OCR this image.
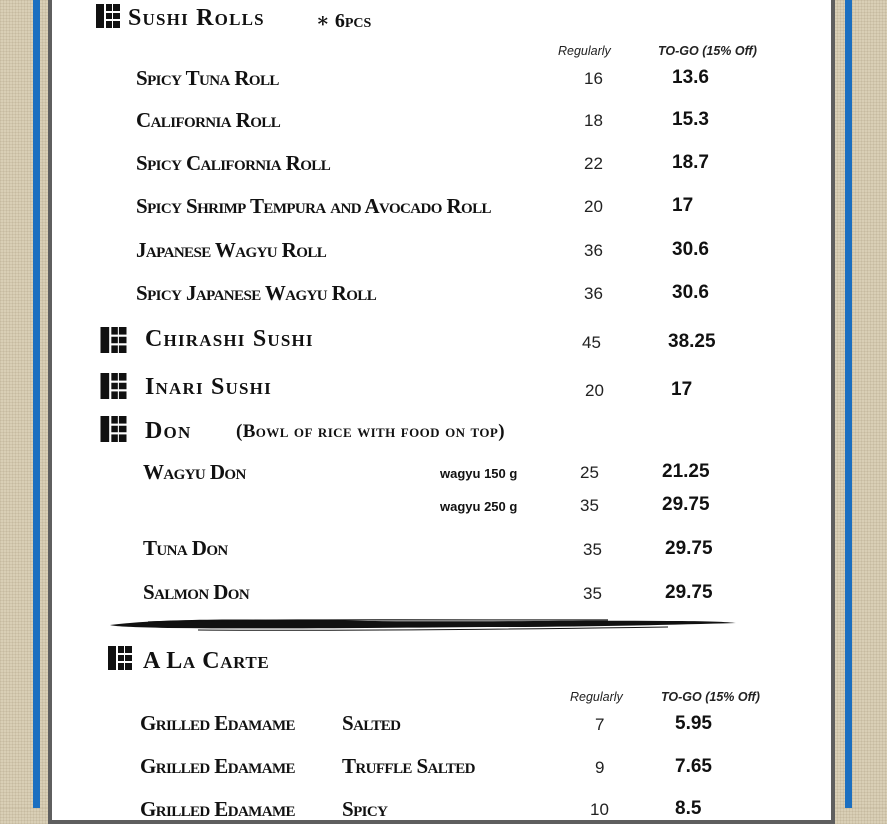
Sushi Rolls	∗ 6pcs
Regularly	TO-GO (15% Off)
Spicy Tuna Roll	16	13.6
California Roll	18	15.3
Spicy California Roll	22	18.7
Spicy Shrimp Tempura and Avocado Roll	20	17
Japanese Wagyu Roll	36	30.6
Spicy Japanese Wagyu Roll	36	30.6
Chirashi Sushi	45	38.25
Inari Sushi	20	17
Don (Bowl of rice with food on top)
Wagyu Don	wagyu 150 g	25	21.25
wagyu 250 g	35	29.75
Tuna Don	35	29.75
Salmon Don	35	29.75
A La Carte
Regularly	TO-GO (15% Off)
Grilled Edamame Salted	7	5.95
Grilled Edamame Truffle Salted	9	7.65
Grilled Edamame Spicy	10	8.5
